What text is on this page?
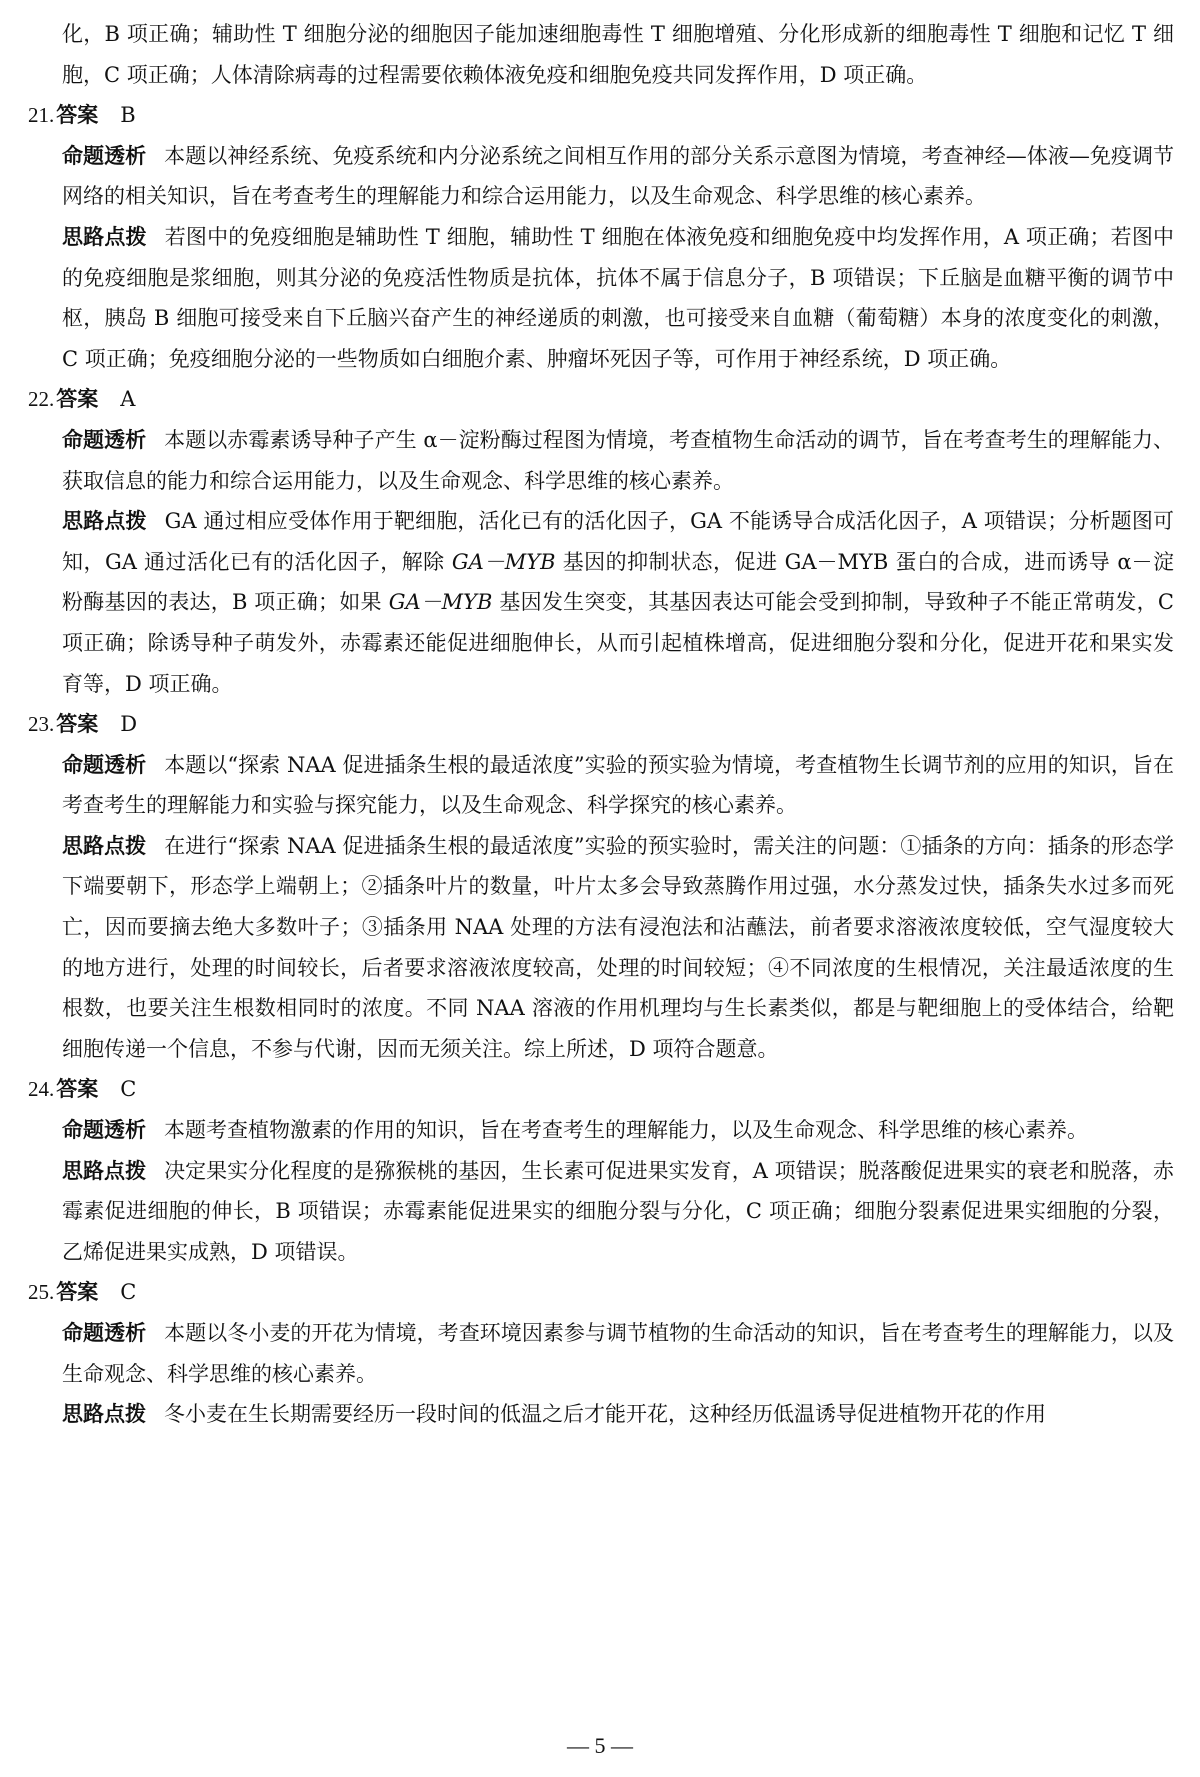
化，B 项正确；辅助性 T 细胞分泌的细胞因子能加速细胞毒性 T 细胞增殖、分化形成新的细胞毒性 T 细胞和记忆 T 细胞，C 项正确；人体清除病毒的过程需要依赖体液免疫和细胞免疫共同发挥作用，D 项正确。

21.答案 B

命题透析 本题以神经系统、免疫系统和内分泌系统之间相互作用的部分关系示意图为情境，考查神经—体液—免疫调节网络的相关知识，旨在考查考生的理解能力和综合运用能力，以及生命观念、科学思维的核心素养。

思路点拨 若图中的免疫细胞是辅助性 T 细胞，辅助性 T 细胞在体液免疫和细胞免疫中均发挥作用，A 项正确；若图中的免疫细胞是浆细胞，则其分泌的免疫活性物质是抗体，抗体不属于信息分子，B 项错误；下丘脑是血糖平衡的调节中枢，胰岛 B 细胞可接受来自下丘脑兴奋产生的神经递质的刺激，也可接受来自血糖（葡萄糖）本身的浓度变化的刺激，C 项正确；免疫细胞分泌的一些物质如白细胞介素、肿瘤坏死因子等，可作用于神经系统，D 项正确。

22.答案 A

命题透析 本题以赤霉素诱导种子产生 α－淀粉酶过程图为情境，考查植物生命活动的调节，旨在考查考生的理解能力、获取信息的能力和综合运用能力，以及生命观念、科学思维的核心素养。

思路点拨 GA 通过相应受体作用于靶细胞，活化已有的活化因子，GA 不能诱导合成活化因子，A 项错误；分析题图可知，GA 通过活化已有的活化因子，解除 GA－MYB 基因的抑制状态，促进 GA－MYB 蛋白的合成，进而诱导 α－淀粉酶基因的表达，B 项正确；如果 GA－MYB 基因发生突变，其基因表达可能会受到抑制，导致种子不能正常萌发，C 项正确；除诱导种子萌发外，赤霉素还能促进细胞伸长，从而引起植株增高，促进细胞分裂和分化，促进开花和果实发育等，D 项正确。

23.答案 D

命题透析 本题以“探索 NAA 促进插条生根的最适浓度”实验的预实验为情境，考查植物生长调节剂的应用的知识，旨在考查考生的理解能力和实验与探究能力，以及生命观念、科学探究的核心素养。

思路点拨 在进行“探索 NAA 促进插条生根的最适浓度”实验的预实验时，需关注的问题：①插条的方向：插条的形态学下端要朝下，形态学上端朝上；②插条叶片的数量，叶片太多会导致蒸腾作用过强，水分蒸发过快，插条失水过多而死亡，因而要摘去绝大多数叶子；③插条用 NAA 处理的方法有浸泡法和沾蘸法，前者要求溶液浓度较低，空气湿度较大的地方进行，处理的时间较长，后者要求溶液浓度较高，处理的时间较短；④不同浓度的生根情况，关注最适浓度的生根数，也要关注生根数相同时的浓度。不同 NAA 溶液的作用机理均与生长素类似，都是与靶细胞上的受体结合，给靶细胞传递一个信息，不参与代谢，因而无须关注。综上所述，D 项符合题意。

24.答案 C

命题透析 本题考查植物激素的作用的知识，旨在考查考生的理解能力，以及生命观念、科学思维的核心素养。

思路点拨 决定果实分化程度的是猕猴桃的基因，生长素可促进果实发育，A 项错误；脱落酸促进果实的衰老和脱落，赤霉素促进细胞的伸长，B 项错误；赤霉素能促进果实的细胞分裂与分化，C 项正确；细胞分裂素促进果实细胞的分裂，乙烯促进果实成熟，D 项错误。

25.答案 C

命题透析 本题以冬小麦的开花为情境，考查环境因素参与调节植物的生命活动的知识，旨在考查考生的理解能力，以及生命观念、科学思维的核心素养。

思路点拨 冬小麦在生长期需要经历一段时间的低温之后才能开花，这种经历低温诱导促进植物开花的作用

— 5 —
